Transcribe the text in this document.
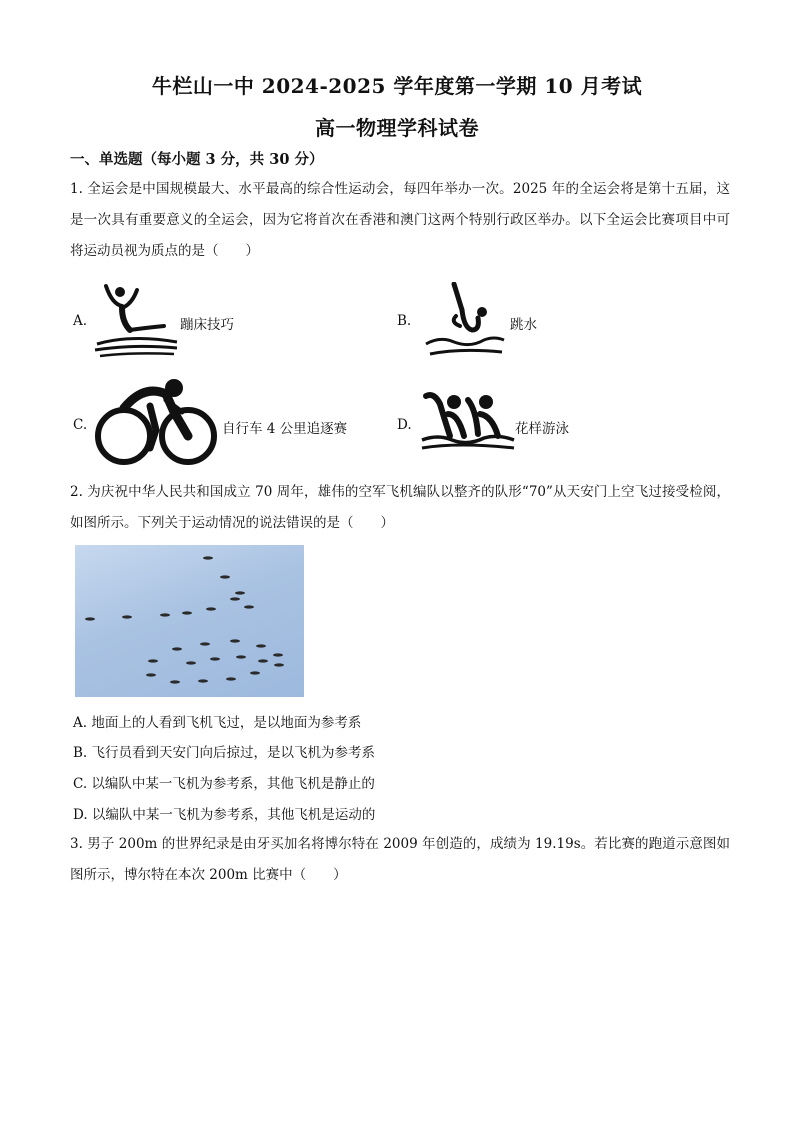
牛栏山一中 2024-2025 学年度第一学期 10 月考试
高一物理学科试卷
一、单选题（每小题 3 分，共 30 分）
1. 全运会是中国规模最大、水平最高的综合性运动会，每四年举办一次。2025 年的全运会将是第十五届，这是一次具有重要意义的全运会，因为它将首次在香港和澳门这两个特别行政区举办。以下全运会比赛项目中可将运动员视为质点的是（　　）
A.	蹦床技巧	B.	跳水
C.	自行车 4 公里追逐赛	D.	花样游泳
2. 为庆祝中华人民共和国成立 70 周年，雄伟的空军飞机编队以整齐的队形“70”从天安门上空飞过接受检阅，如图所示。下列关于运动情况的说法错误的是（　　）
A. 地面上的人看到飞机飞过，是以地面为参考系
B. 飞行员看到天安门向后掠过，是以飞机为参考系
C. 以编队中某一飞机为参考系，其他飞机是静止的
D. 以编队中某一飞机为参考系，其他飞机是运动的
3. 男子 200m 的世界纪录是由牙买加名将博尔特在 2009 年创造的，成绩为 19.19s。若比赛的跑道示意图如图所示，博尔特在本次 200m 比赛中（　　）
